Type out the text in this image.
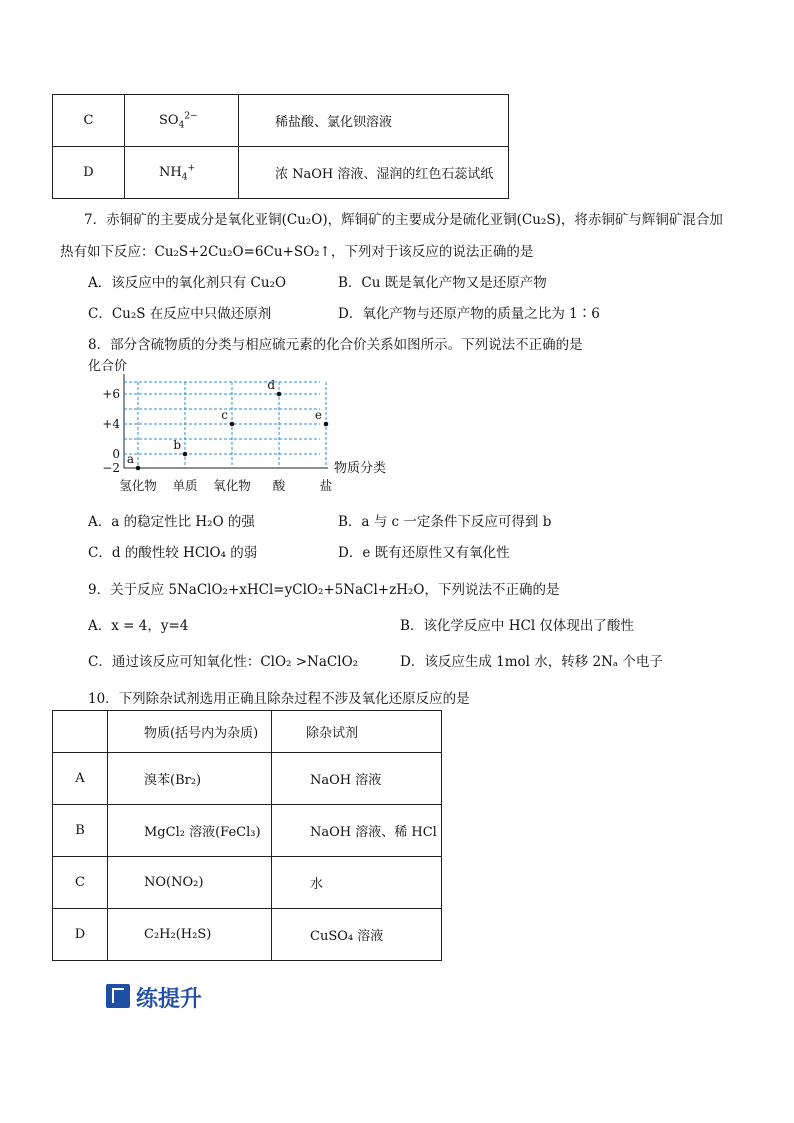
C	$SO_4^{2-}$	稀盐酸、氯化钡溶液
D	$NH_4^+$	浓 NaOH 溶液、湿润的红色石蕊试纸
7．赤铜矿的主要成分是氧化亚铜(Cu₂O)，辉铜矿的主要成分是硫化亚铜(Cu₂S)，将赤铜矿与辉铜矿混合加
热有如下反应：Cu₂S+2Cu₂O=6Cu+SO₂↑，下列对于该反应的说法正确的是
A．该反应中的氧化剂只有 Cu₂O	B．Cu 既是氧化产物又是还原产物
C．Cu₂S 在反应中只做还原剂	D．氧化产物与还原产物的质量之比为 1∶6
8．部分含硫物质的分类与相应硫元素的化合价关系如图所示。下列说法不正确的是
+6
+4
0
−2
氢化物 单质 氧化物 酸	盐
化合价
物质分类
a
b
c
d
e
A．a 的稳定性比 H₂O 的强	B．a 与 c 一定条件下反应可得到 b
C．d 的酸性较 HClO₄ 的弱	D．e 既有还原性又有氧化性
9．关于反应 5NaClO₂+xHCl=yClO₂+5NaCl+zH₂O，下列说法不正确的是
A．x = 4，y=4	B．该化学反应中 HCl 仅体现出了酸性
C．通过该反应可知氧化性：ClO₂ >NaClO₂	D．该反应生成 1mol 水，转移 2Nₐ 个电子
10．下列除杂试剂选用正确且除杂过程不涉及氧化还原反应的是
	物质(括号内为杂质)	除杂试剂
A	溴苯(Br₂)	NaOH 溶液
B	MgCl₂ 溶液(FeCl₃)	NaOH 溶液、稀 HCl
C	NO(NO₂)	水
D	C₂H₂(H₂S)	CuSO₄ 溶液
练提升
